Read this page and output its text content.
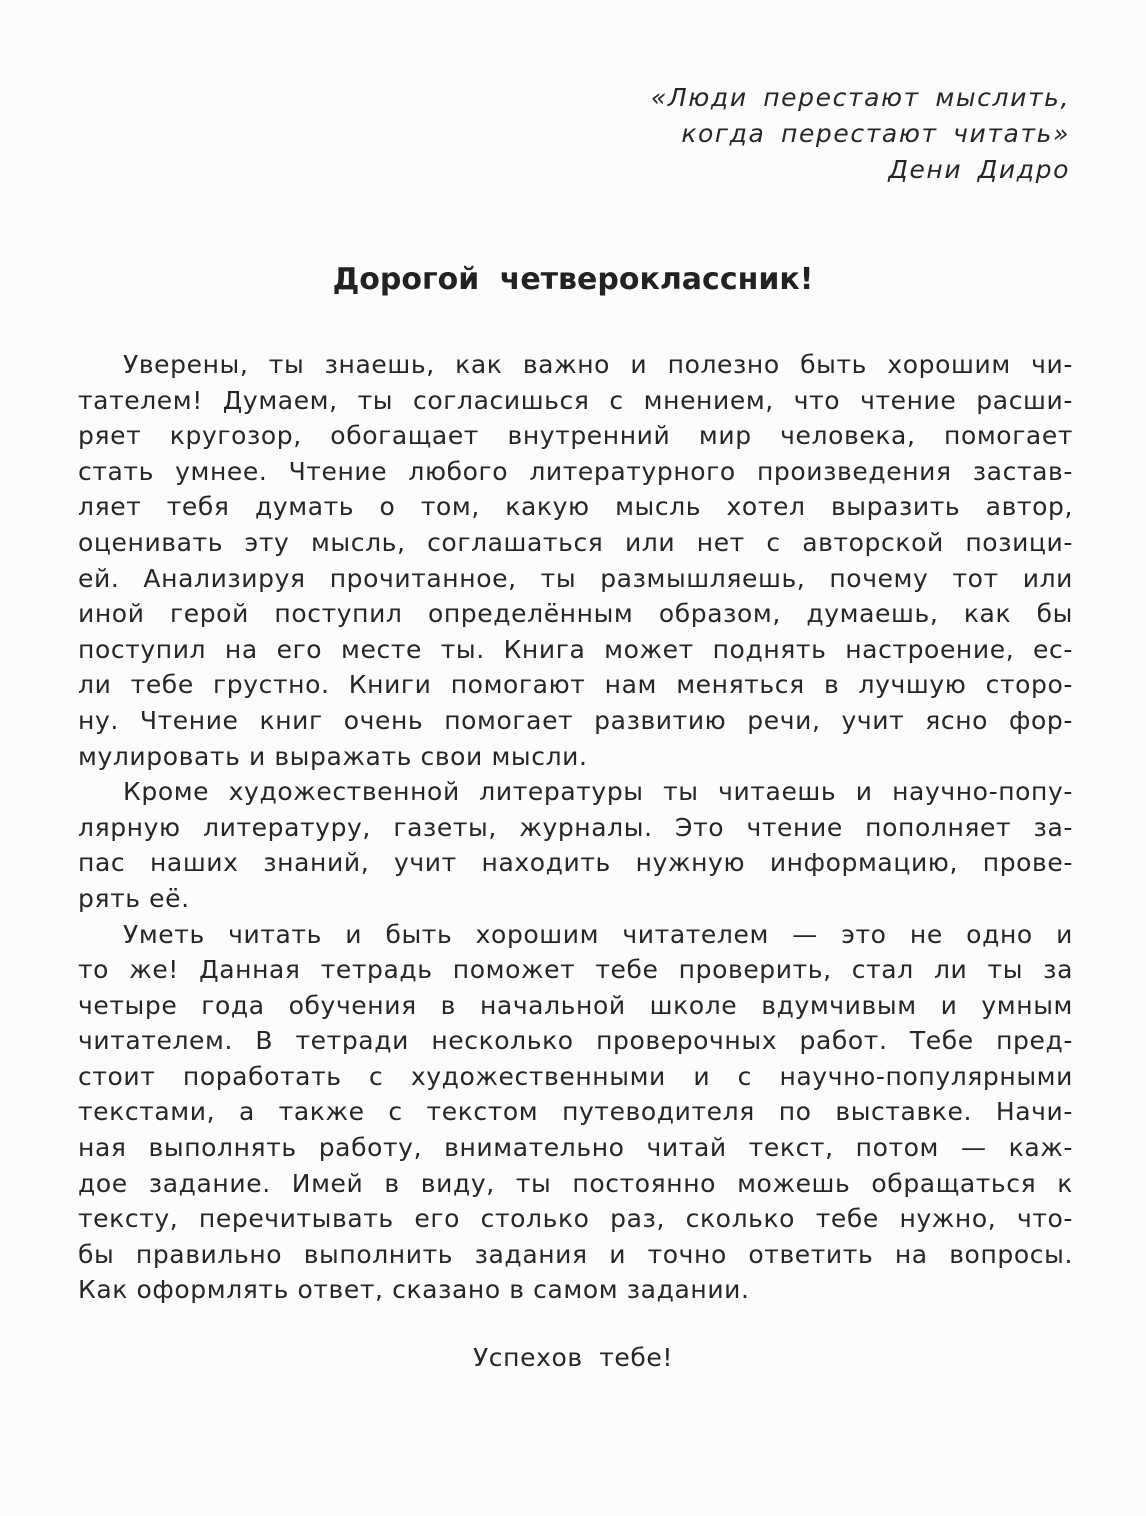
«Люди перестают мыслить,
когда перестают читать»
Дени Дидро
Дорогой четвероклассник!
Уверены, ты знаешь, как важно и полезно быть хорошим чи-
тателем! Думаем, ты согласишься с мнением, что чтение расши-
ряет кругозор, обогащает внутренний мир человека, помогает
стать умнее. Чтение любого литературного произведения застав-
ляет тебя думать о том, какую мысль хотел выразить автор,
оценивать эту мысль, соглашаться или нет с авторской позици-
ей. Анализируя прочитанное, ты размышляешь, почему тот или
иной герой поступил определённым образом, думаешь, как бы
поступил на его месте ты. Книга может поднять настроение, ес-
ли тебе грустно. Книги помогают нам меняться в лучшую сторо-
ну. Чтение книг очень помогает развитию речи, учит ясно фор-
мулировать и выражать свои мысли.
Кроме художественной литературы ты читаешь и научно-попу-
лярную литературу, газеты, журналы. Это чтение пополняет за-
пас наших знаний, учит находить нужную информацию, прове-
рять её.
Уметь читать и быть хорошим читателем — это не одно и
то же! Данная тетрадь поможет тебе проверить, стал ли ты за
четыре года обучения в начальной школе вдумчивым и умным
читателем. В тетради несколько проверочных работ. Тебе пред-
стоит поработать с художественными и с научно-популярными
текстами, а также с текстом путеводителя по выставке. Начи-
ная выполнять работу, внимательно читай текст, потом — каж-
дое задание. Имей в виду, ты постоянно можешь обращаться к
тексту, перечитывать его столько раз, сколько тебе нужно, что-
бы правильно выполнить задания и точно ответить на вопросы.
Как оформлять ответ, сказано в самом задании.
Успехов тебе!
